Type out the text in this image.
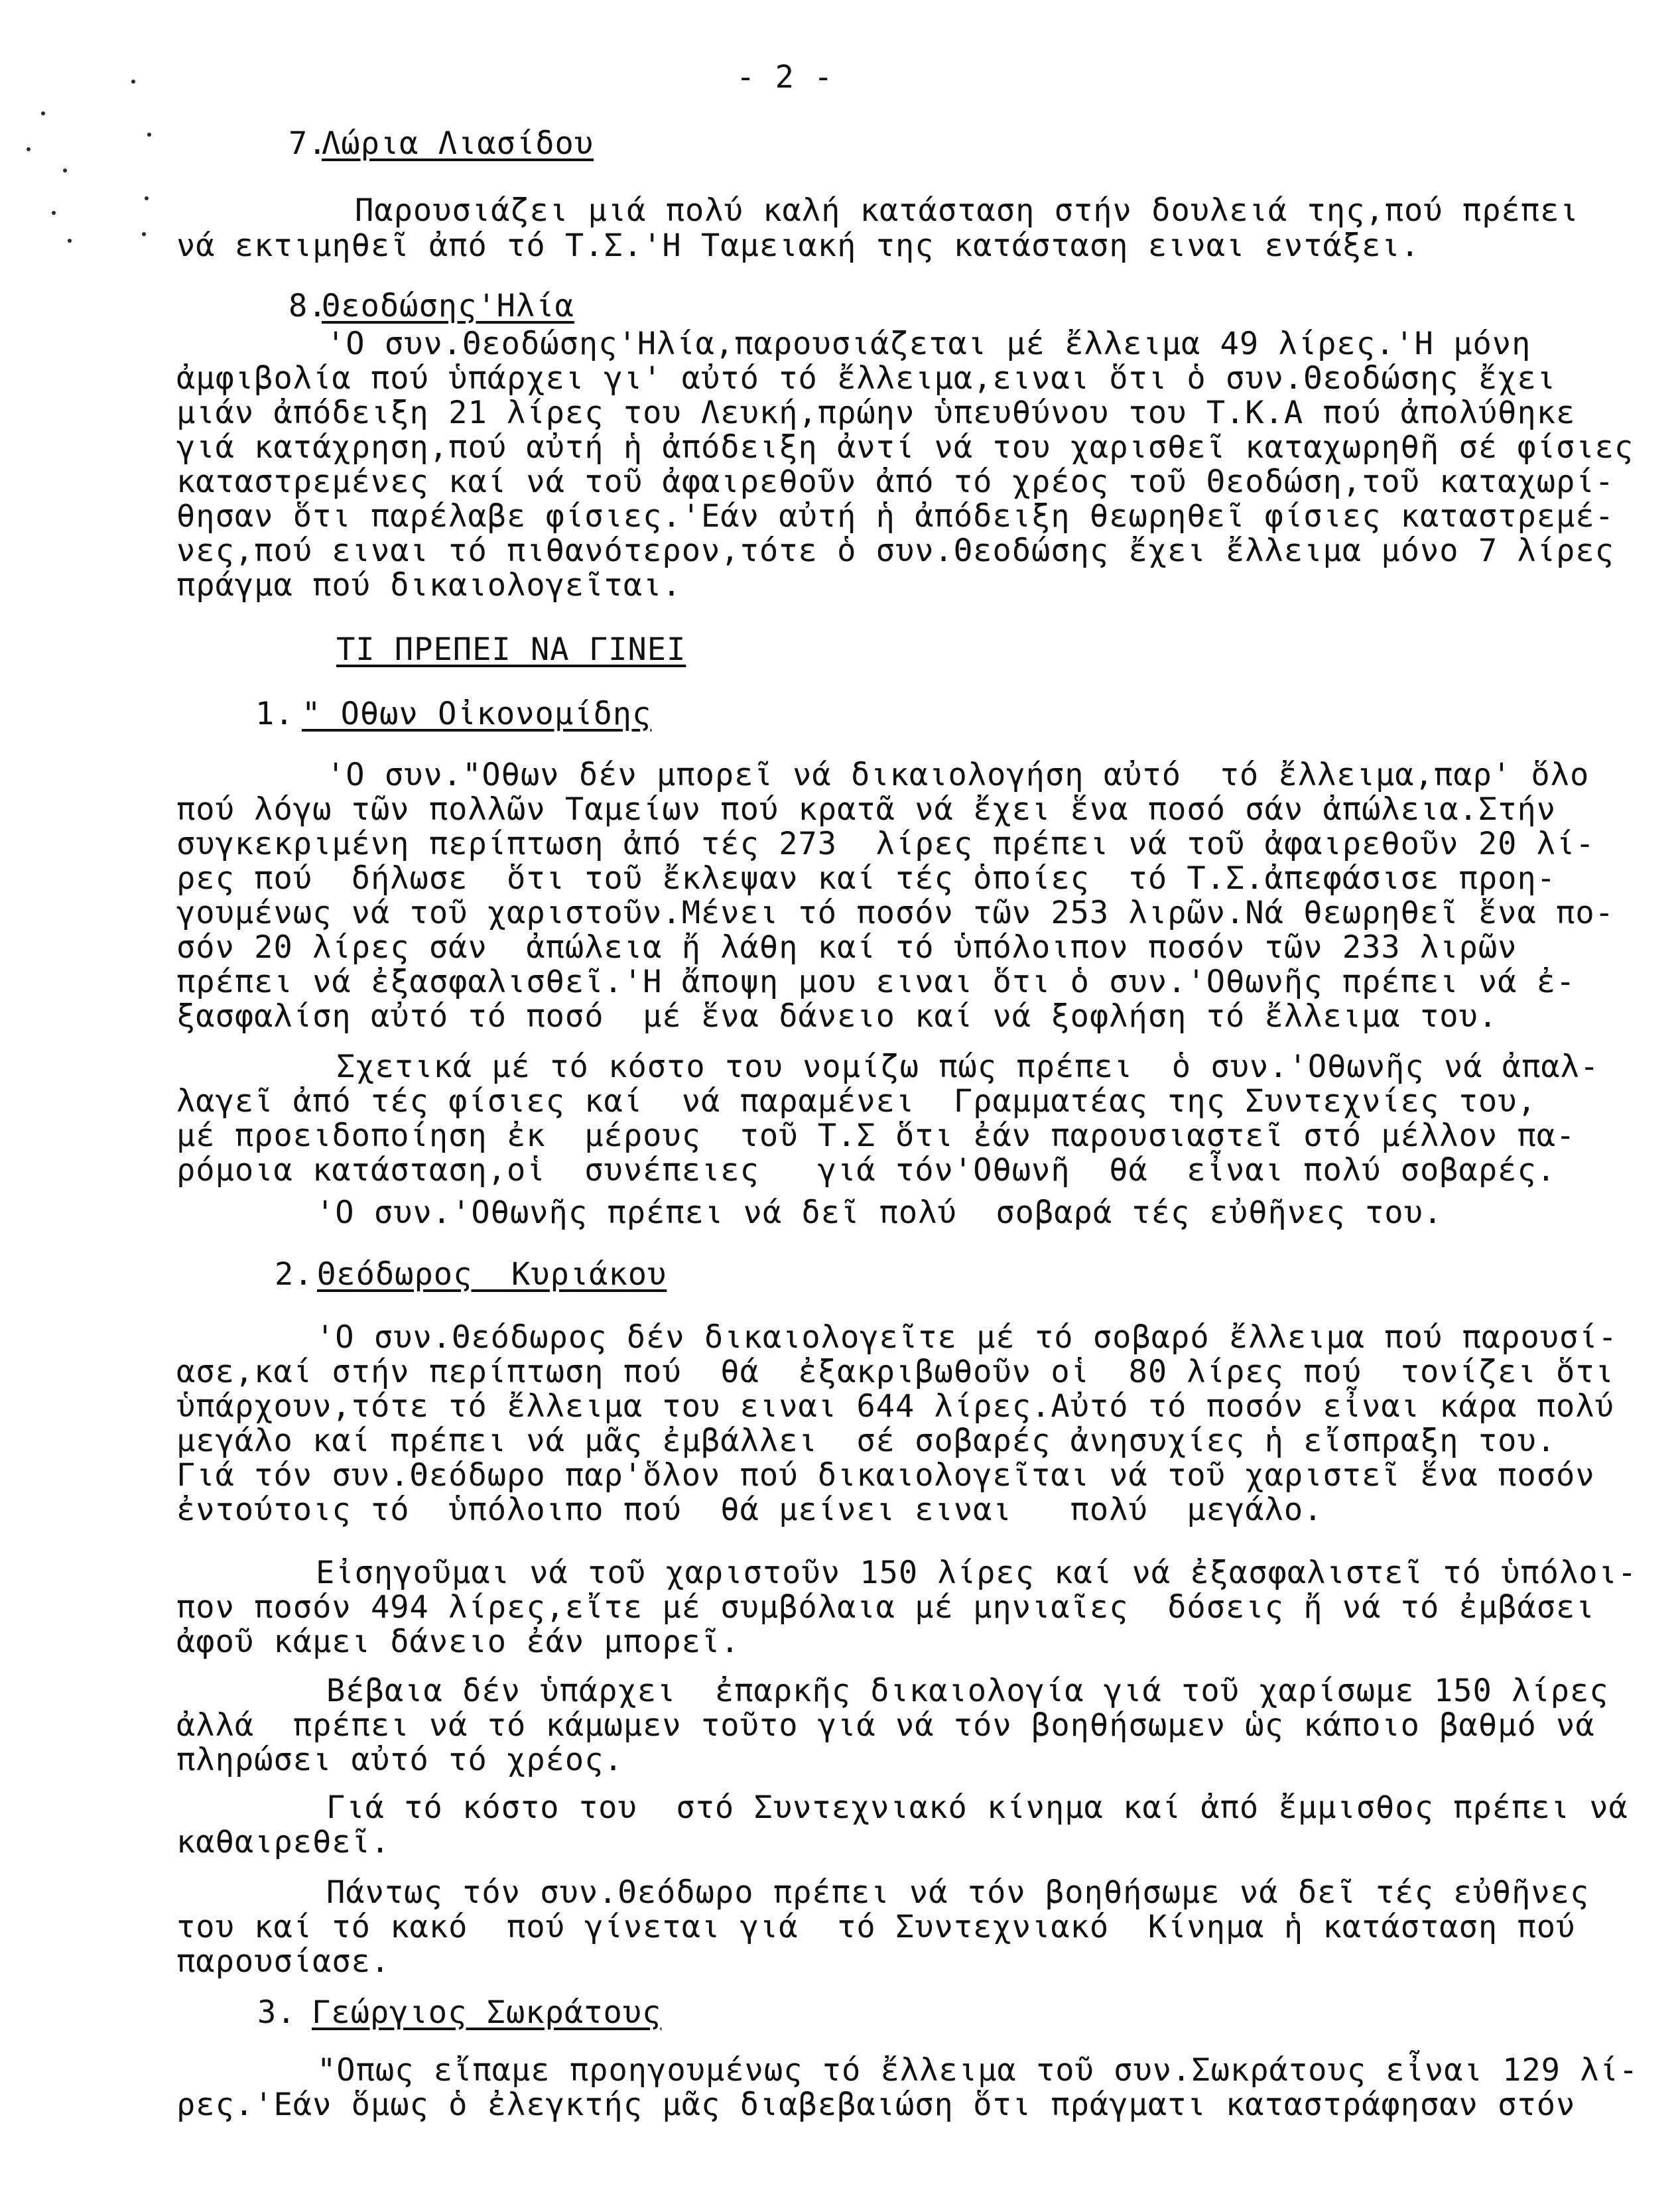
- 2 -

7.

Λώρια Λιασίδου

Παρουσιάζει μιά πολύ καλή κατάσταση στήν δουλειά της,πού πρέπει

νά εκτιμηθεῖ ἀπό τό Τ.Σ.'Η Ταμειακή της κατάσταση ειναι εντάξει.

8.

Θεοδώσης'Ηλία

'Ο συν.Θεοδώσης'Ηλία,παρουσιάζεται μέ ἔλλειμα 49 λίρες.'Η μόνη

ἀμφιβολία πού ὑπάρχει γι' αὐτό τό ἔλλειμα,ειναι ὅτι ὁ συν.Θεοδώσης ἔχει

μιάν ἀπόδειξη 21 λίρες του Λευκή,πρώην ὑπευθύνου του Τ.Κ.Α πού ἀπολύθηκε

γιά κατάχρηση,πού αὐτή ἡ ἀπόδειξη ἀντί νά του χαρισθεῖ καταχωρηθῆ σέ φίσιες

καταστρεμένες καί νά τοῦ ἀφαιρεθοῦν ἀπό τό χρέος τοῦ Θεοδώση,τοῦ καταχωρί-

θησαν ὅτι παρέλαβε φίσιες.'Εάν αὐτή ἡ ἀπόδειξη θεωρηθεῖ φίσιες καταστρεμέ-

νες,πού ειναι τό πιθανότερον,τότε ὁ συν.Θεοδώσης ἔχει ἔλλειμα μόνο 7 λίρες

πράγμα πού δικαιολογεῖται.

ΤΙ ΠΡΕΠΕΙ ΝΑ ΓΙΝΕΙ

1. " Οθων Οἰκονομίδης

'Ο συν."Οθων δέν μπορεῖ νά δικαιολογήση αὐτό  τό ἔλλειμα,παρ' ὅλο

πού λόγω τῶν πολλῶν Ταμείων πού κρατᾶ νά ἔχει ἕνα ποσό σάν ἀπώλεια.Στήν

συγκεκριμένη περίπτωση ἀπό τές 273  λίρες πρέπει νά τοῦ ἀφαιρεθοῦν 20 λί-

ρες πού  δήλωσε  ὅτι τοῦ ἔκλεψαν καί τές ὁποίες  τό Τ.Σ.ἀπεφάσισε προη-

γουμένως νά τοῦ χαριστοῦν.Μένει τό ποσόν τῶν 253 λιρῶν.Νά θεωρηθεῖ ἕνα πο-

σόν 20 λίρες σάν  ἀπώλεια ἤ λάθη καί τό ὑπόλοιπον ποσόν τῶν 233 λιρῶν

πρέπει νά ἐξασφαλισθεῖ.'Η ἄποψη μου ειναι ὅτι ὁ συν.'Οθωνῆς πρέπει νά ἐ-

ξασφαλίση αὐτό τό ποσό  μέ ἕνα δάνειο καί νά ξοφλήση τό ἔλλειμα του.

Σχετικά μέ τό κόστο του νομίζω πώς πρέπει  ὁ συν.'Οθωνῆς νά ἀπαλ-

λαγεῖ ἀπό τές φίσιες καί  νά παραμένει  Γραμματέας της Συντεχνίες του,

μέ προειδοποίηση ἐκ  μέρους  τοῦ Τ.Σ ὅτι ἐάν παρουσιαστεῖ στό μέλλον πα-

ρόμοια κατάσταση,οἱ  συνέπειες   γιά τόν'Οθωνῆ  θά  εἶναι πολύ σοβαρές.

'Ο συν.'Οθωνῆς πρέπει νά δεῖ πολύ  σοβαρά τές εὐθῆνες του.

2. Θεόδωρος  Κυριάκου

'Ο συν.Θεόδωρος δέν δικαιολογεῖτε μέ τό σοβαρό ἔλλειμα πού παρουσί-

ασε,καί στήν περίπτωση πού  θά  ἐξακριβωθοῦν οἱ  80 λίρες πού  τονίζει ὅτι

ὑπάρχουν,τότε τό ἔλλειμα του ειναι 644 λίρες.Αὐτό τό ποσόν εἶναι κάρα πολύ

μεγάλο καί πρέπει νά μᾶς ἐμβάλλει  σέ σοβαρές ἀνησυχίες ἡ εἴσπραξη του.

Γιά τόν συν.Θεόδωρο παρ'ὅλον πού δικαιολογεῖται νά τοῦ χαριστεῖ ἕνα ποσόν

ἐντούτοις τό  ὑπόλοιπο πού  θά μείνει ειναι   πολύ  μεγάλο.

Εἰσηγοῦμαι νά τοῦ χαριστοῦν 150 λίρες καί νά ἐξασφαλιστεῖ τό ὑπόλοι-

πον ποσόν 494 λίρες,εἴτε μέ συμβόλαια μέ μηνιαῖες  δόσεις ἤ νά τό ἐμβάσει

ἀφοῦ κάμει δάνειο ἐάν μπορεῖ.

Βέβαια δέν ὑπάρχει  ἐπαρκῆς δικαιολογία γιά τοῦ χαρίσωμε 150 λίρες

ἀλλά  πρέπει νά τό κάμωμεν τοῦτο γιά νά τόν βοηθήσωμεν ὡς κάποιο βαθμό νά

πληρώσει αὐτό τό χρέος.

Γιά τό κόστο του  στό Συντεχνιακό κίνημα καί ἀπό ἔμμισθος πρέπει νά

καθαιρεθεῖ.

Πάντως τόν συν.Θεόδωρο πρέπει νά τόν βοηθήσωμε νά δεῖ τές εὐθῆνες

του καί τό κακό  πού γίνεται γιά  τό Συντεχνιακό  Κίνημα ἡ κατάσταση πού

παρουσίασε.

3. Γεώργιος Σωκράτους

"Οπως εἴπαμε προηγουμένως τό ἔλλειμα τοῦ συν.Σωκράτους εἶναι 129 λί-

ρες.'Εάν ὅμως ὁ ἐλεγκτής μᾶς διαβεβαιώση ὅτι πράγματι καταστράφησαν στόν
